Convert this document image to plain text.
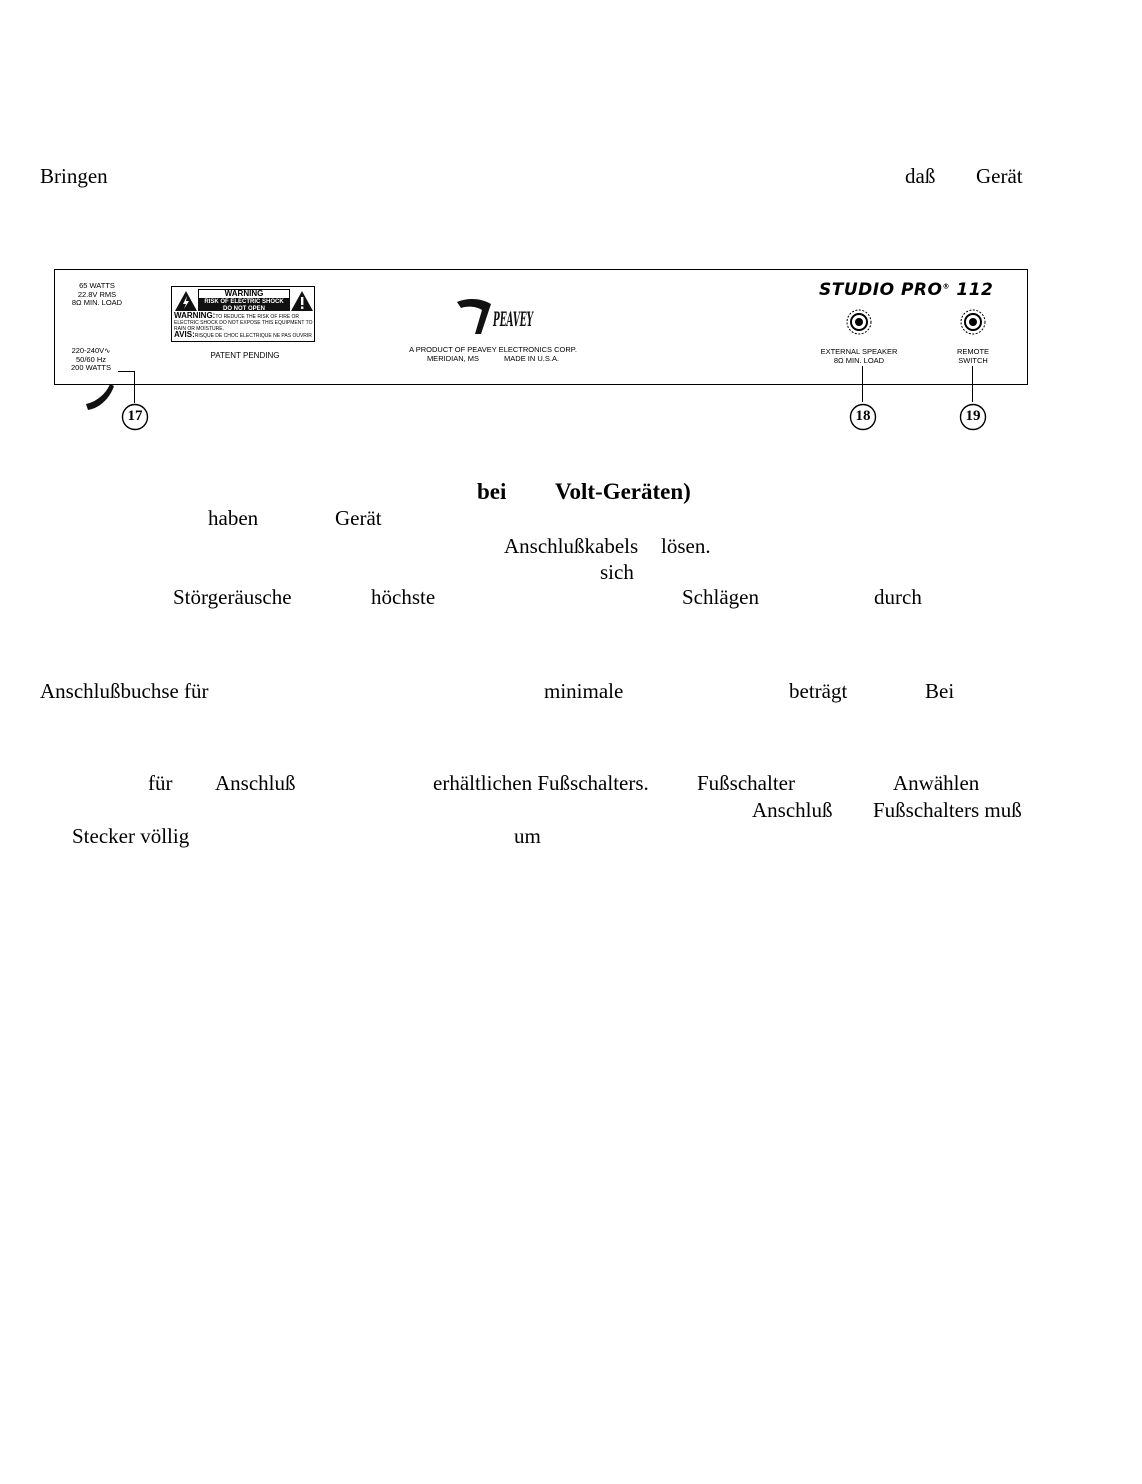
Bringen	daß Gerät
65 WATTS
22.8V RMS
8Ω MIN. LOAD
220-240V∿
50/60 Hz
200 WATTS
WARNING
RISK OF ELECTRIC SHOCK
DO NOT OPEN
WARNING:TO REDUCE THE RISK OF FIRE OR ELECTRIC SHOCK DO NOT EXPOSE THIS EQUIPMENT TO RAIN OR MOISTURE.
AVIS:RISQUE DE CHOC ELECTRIQUE NE PAS OUVRIR
PATENT PENDING
PEAVEY
A PRODUCT OF PEAVEY ELECTRONICS CORP.
MERIDIAN, MS	MADE IN U.S.A.
STUDIO PRO® 112
EXTERNAL SPEAKER
8Ω MIN. LOAD
REMOTE
SWITCH
17	18	19
bei Volt-Geräten)
haben	Gerät
Anschlußkabels lösen.
sich
Störgeräusche	höchste	Schlägen	durch
Anschlußbuchse für	minimale	beträgt	Bei
für Anschluß	erhältlichen Fußschalters. Fußschalter	Anwählen
Anschluß Fußschalters muß
Stecker völlig	um
